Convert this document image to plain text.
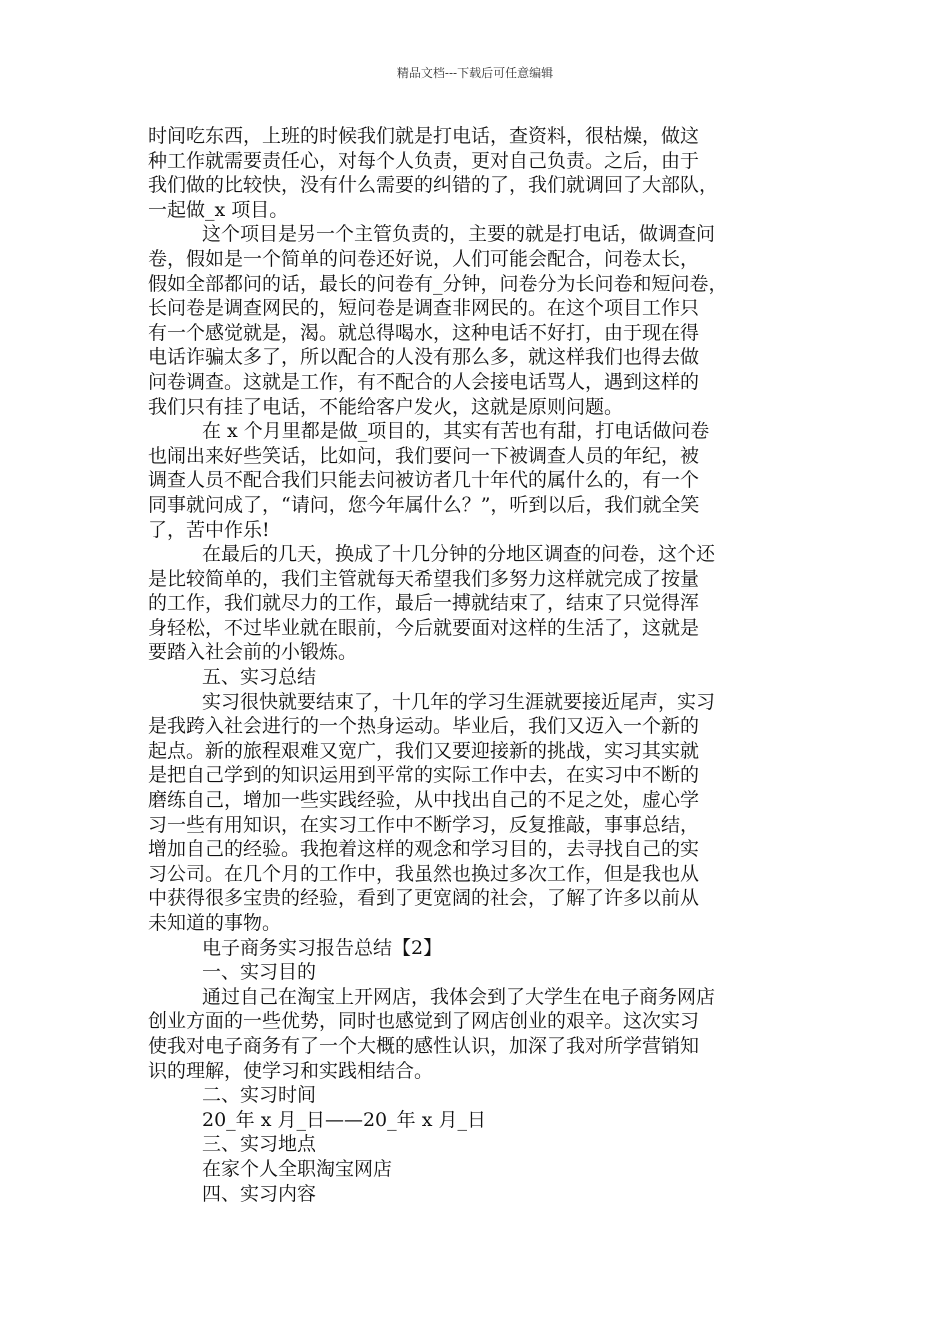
精品文档---下载后可任意编辑
时间吃东西，上班的时候我们就是打电话，查资料，很枯燥，做这
种工作就需要责任心，对每个人负责，更对自己负责。之后，由于
我们做的比较快，没有什么需要的纠错的了，我们就调回了大部队，
一起做_x 项目。
这个项目是另一个主管负责的，主要的就是打电话，做调查问
卷，假如是一个简单的问卷还好说，人们可能会配合，问卷太长，
假如全部都问的话，最长的问卷有_分钟，问卷分为长问卷和短问卷，
长问卷是调查网民的，短问卷是调查非网民的。在这个项目工作只
有一个感觉就是，渴。就总得喝水，这种电话不好打，由于现在得
电话诈骗太多了，所以配合的人没有那么多，就这样我们也得去做
问卷调查。这就是工作，有不配合的人会接电话骂人，遇到这样的
我们只有挂了电话，不能给客户发火，这就是原则问题。
在 x 个月里都是做_项目的，其实有苦也有甜，打电话做问卷
也闹出来好些笑话，比如问，我们要问一下被调查人员的年纪，被
调查人员不配合我们只能去问被访者几十年代的属什么的，有一个
同事就问成了，“请问，您今年属什么？”，听到以后，我们就全笑
了，苦中作乐!
在最后的几天，换成了十几分钟的分地区调查的问卷，这个还
是比较简单的，我们主管就每天希望我们多努力这样就完成了按量
的工作，我们就尽力的工作，最后一搏就结束了，结束了只觉得浑
身轻松，不过毕业就在眼前，今后就要面对这样的生活了，这就是
要踏入社会前的小锻炼。
五、实习总结
实习很快就要结束了，十几年的学习生涯就要接近尾声，实习
是我跨入社会进行的一个热身运动。毕业后，我们又迈入一个新的
起点。新的旅程艰难又宽广，我们又要迎接新的挑战，实习其实就
是把自己学到的知识运用到平常的实际工作中去，在实习中不断的
磨练自己，增加一些实践经验，从中找出自己的不足之处，虚心学
习一些有用知识，在实习工作中不断学习，反复推敲，事事总结，
增加自己的经验。我抱着这样的观念和学习目的，去寻找自己的实
习公司。在几个月的工作中，我虽然也换过多次工作，但是我也从
中获得很多宝贵的经验，看到了更宽阔的社会，了解了许多以前从
未知道的事物。
电子商务实习报告总结【2】
一、实习目的
通过自己在淘宝上开网店，我体会到了大学生在电子商务网店
创业方面的一些优势，同时也感觉到了网店创业的艰辛。这次实习
使我对电子商务有了一个大概的感性认识，加深了我对所学营销知
识的理解，使学习和实践相结合。
二、实习时间
20_年 x 月_日——20_年 x 月_日
三、实习地点
在家个人全职淘宝网店
四、实习内容
